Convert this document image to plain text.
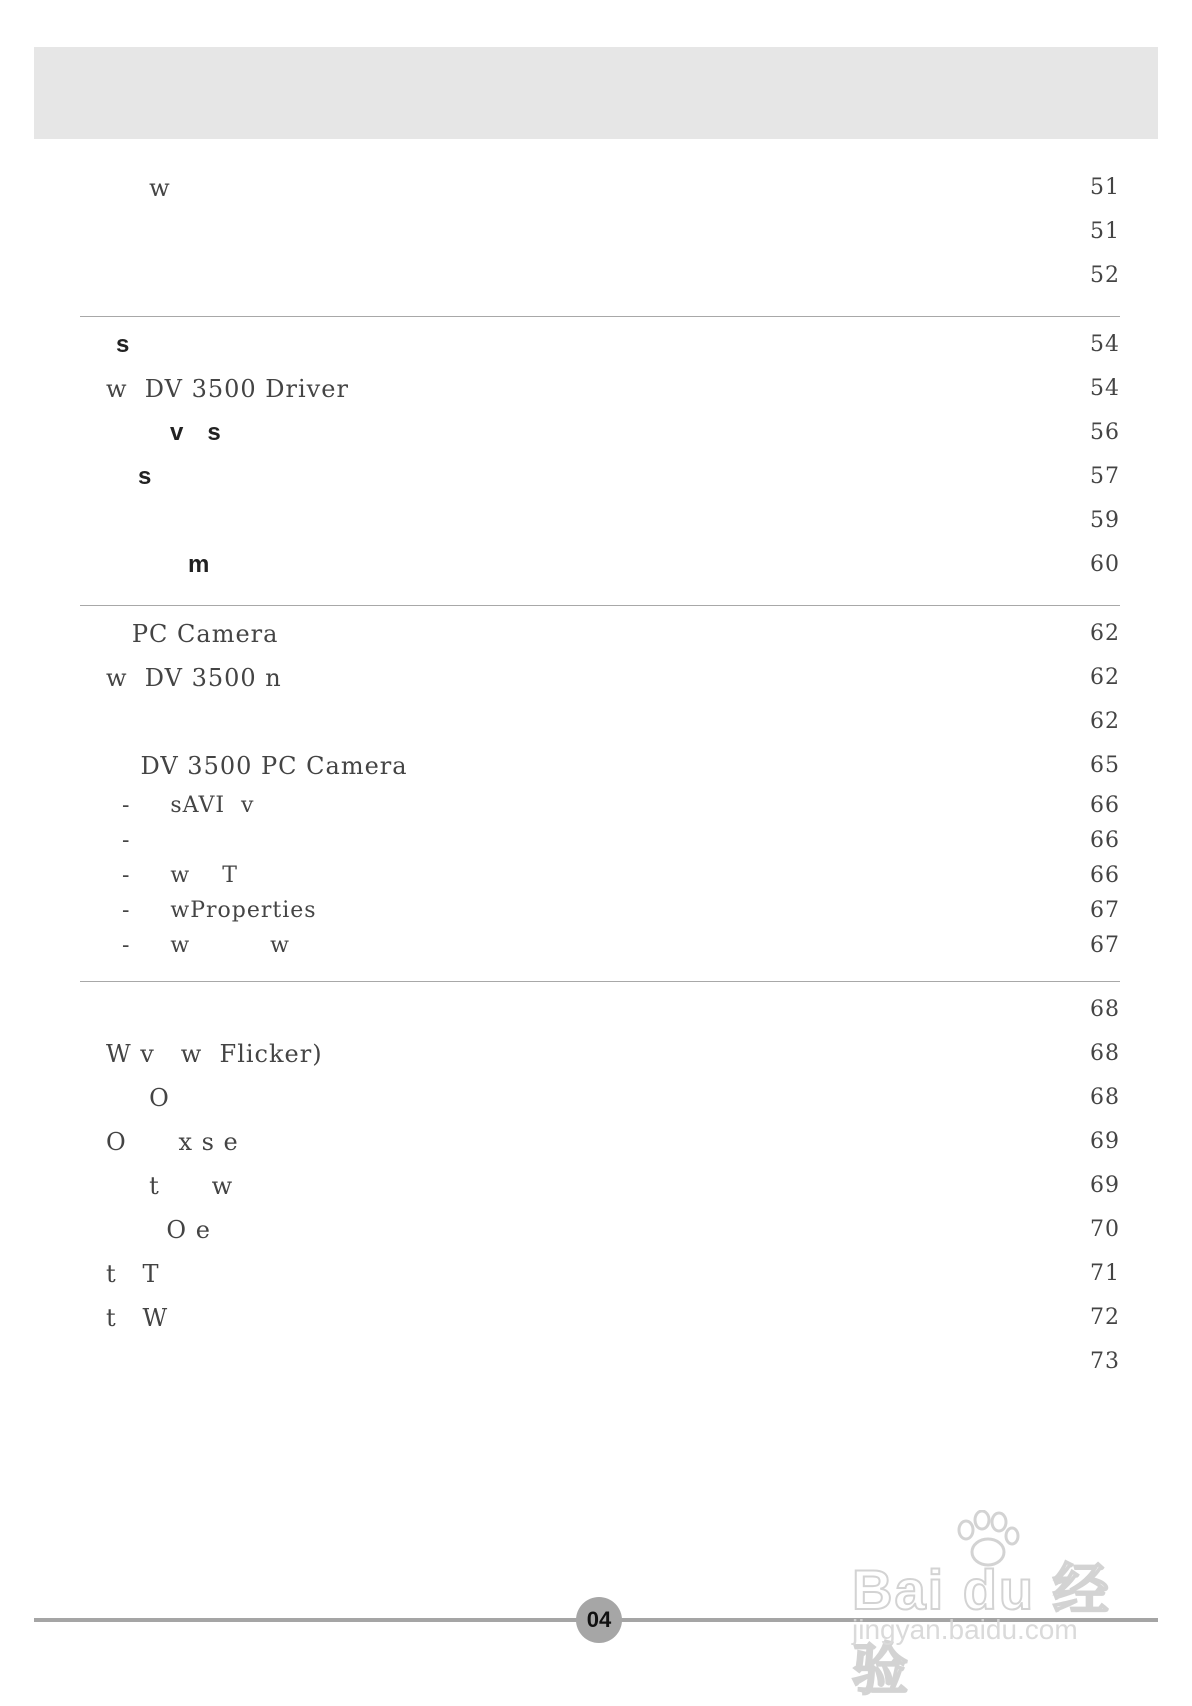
w	51
51
52
s	54
w  DV 3500 Driver	54
v   s	56
s	57
59
m	60
PC Camera	62
w  DV 3500 n	62
62
DV 3500 PC Camera	65
-     sAVI  v	66
-	66
-     w    T	66
-     wProperties	67
-     w          w	67
68
W v   w  Flicker)	68
O	68
O      x s e	69
t      w	69
O e	70
t   T	71
t   W	72
73
04	Bai du 经验
jingyan.baidu.com
